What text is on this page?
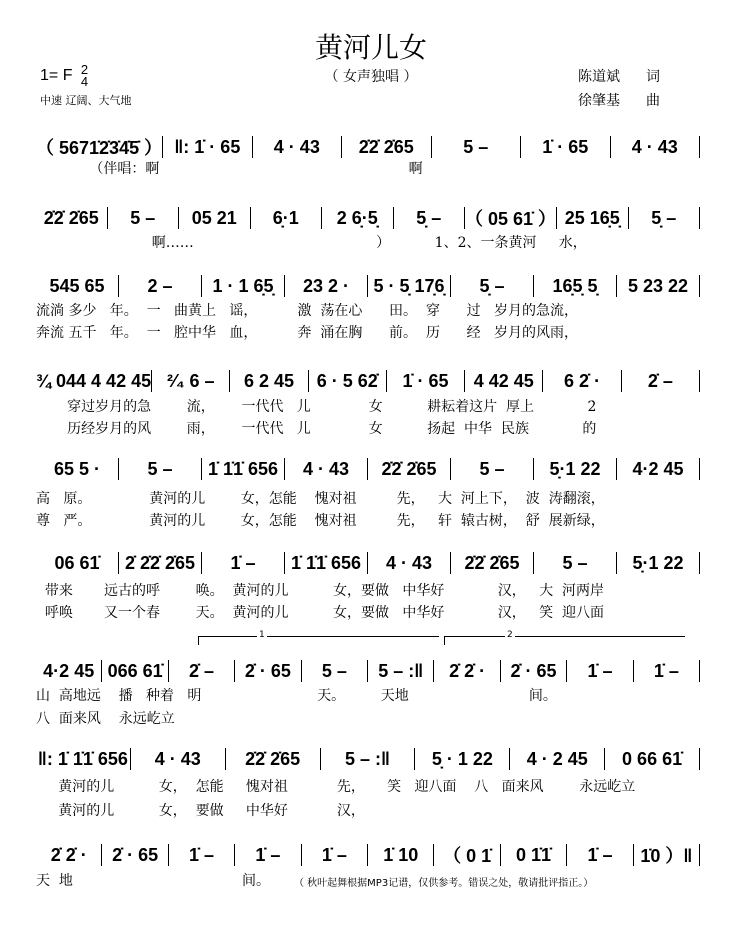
黄河儿女
（ 女声独唱 ）
1= F 2
4
中速 辽阔、大气地
陈道斌 词
徐肇基 曲
（ 5671̇2̇3̇4̇5̇ ） ‖: 1̇ · 65	4 · 43	2̇2̇ 2̇65	5 –	1̇ · 65	4 · 43
（伴唱：啊                                                        啊
2̇2̇ 2̇65	5 –	05 21	6̣·1	2 6̣·5̣	5̣ –	（ 05 61̇ ） 25 16̣5̣	5̣ –
啊……                                         ）          1、2、一条黄河     水，
545 65	2 –	1 · 1 6̣5̣	23 2 ·	5 · 5̣ 17̣6̣	5̣ –	16̣5̣ 5̣	5 23 22
流淌 多少   年。  一   曲黄上   谣，         激  荡在心      田。  穿      过   岁月的急流，
奔流 五千   年。  一   腔中华   血，         奔  涌在胸      前。  历      经   岁月的风雨，
¾ 044 4 42 45 ²⁄₄ 6 –	6 2 45	6 · 5 62̇	1̇ · 65	4 42 45	6 2̇ ·	2̇ –
穿过岁月的急        流，      一代代   儿             女          耕耘着这片  厚上            2̇
历经岁月的风        雨，      一代代   儿             女          扬起  中华  民族            的
65 5 ·	5 –	1̇ 1̇1̇ 656	4 · 43	2̇2̇ 2̇65	5 –	5̣·1 22	4·2 45
高   原。             黄河的儿        女，怎能    愧对祖         先，   大  河上下，  波  涛翻滚，
尊   严。             黄河的儿        女，怎能    愧对祖         先，   轩  辕古树，  舒  展新绿，
06 61̇	2̇ 2̇2̇ 2̇65	1̇ –	1̇ 1̇1̇ 656	4 · 43	2̇2̇ 2̇65	5 –	5̣·1 22
带来       远古的呼        唤。  黄河的儿          女，要做   中华好            汉，   大  河两岸
呼唤       又一个春        天。  黄河的儿          女，要做   中华好            汉，   笑  迎八面
4·2 45 066 61̇	2̇ –	2̇ · 65	5 –	5 – :‖	2̇ 2̇ ·	2̇ · 65	1̇ –	1̇ –
山  高地远    播   种着   明                          天。        天地                           间。
八  面来风    永远屹立
‖: 1̇ 1̇1̇ 656	4 · 43	2̇2̇ 2̇65	5 – :‖	5̣ · 1 22	4 · 2 45	0 66 61̇
黄河的儿          女，  怎能     愧对祖           先，     笑   迎八面    八   面来风        永远屹立
黄河的儿          女，  要做     中华好           汉，
2̇ 2̇ ·	2̇ · 65	1̇ –	1̇ –	1̇ –	1̇ 10	（ 0 1̇	0 1̇1̇	1̇ –	1̇0 ）‖
天  地                                      间。
1	2
（ 秋叶起舞根据MP3记谱，仅供参考。错误之处，敬请批评指正。）
